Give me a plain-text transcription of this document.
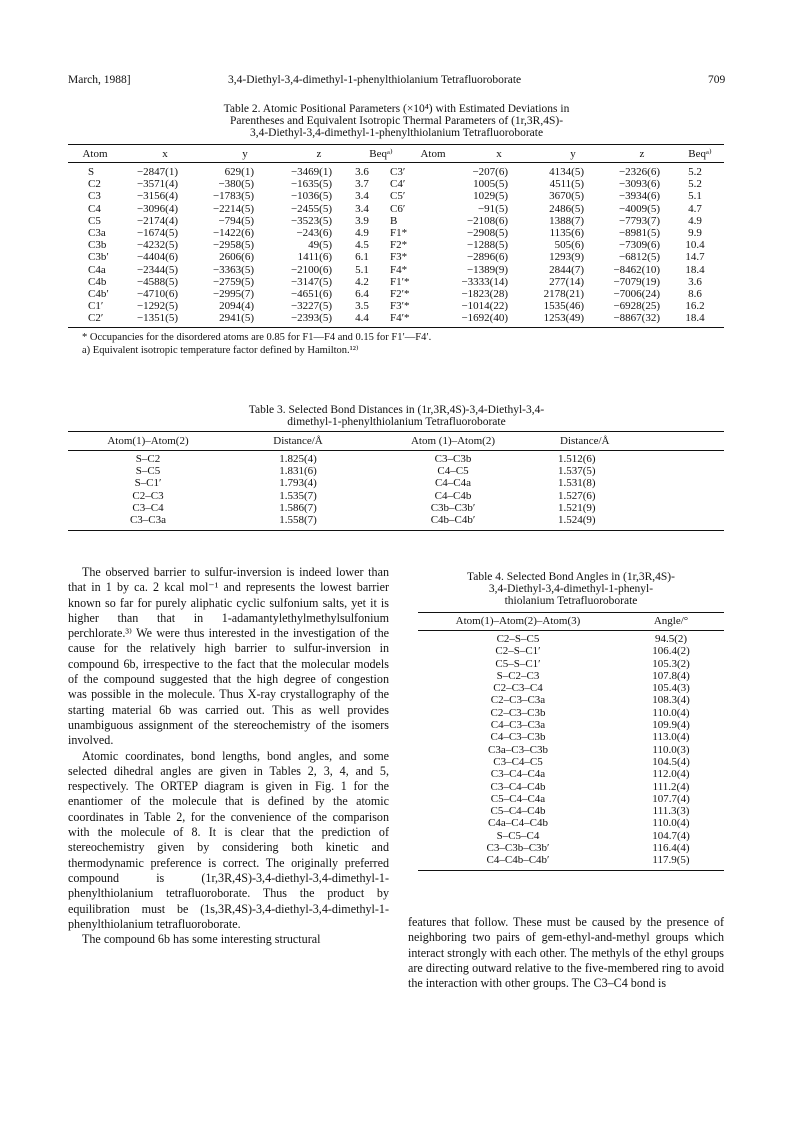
March, 1988]	3,4-Diethyl-3,4-dimethyl-1-phenylthiolanium Tetrafluoroborate	709
Table 2. Atomic Positional Parameters (×10⁴) with Estimated Deviations in
Parentheses and Equivalent Isotropic Thermal Parameters of (1r,3R,4S)-
3,4-Diethyl-3,4-dimethyl-1-phenylthiolanium Tetrafluoroborate
Atom	x	y	z	Beqᵃ⁾	Atom	x	y	z	Beqᵃ⁾
S	−2847(1)	629(1)	−3469(1)	3.6	C3′	−207(6)	4134(5)	−2326(6)	5.2
C2	−3571(4)	−380(5)	−1635(5)	3.7	C4′	1005(5)	4511(5)	−3093(6)	5.2
C3	−3156(4)	−1783(5)	−1036(5)	3.4	C5′	1029(5)	3670(5)	−3934(6)	5.1
C4	−3096(4)	−2214(5)	−2455(5)	3.4	C6′	−91(5)	2486(5)	−4009(5)	4.7
C5	−2174(4)	−794(5)	−3523(5)	3.9	B	−2108(6)	1388(7)	−7793(7)	4.9
C3a	−1674(5)	−1422(6)	−243(6)	4.9	F1*	−2908(5)	1135(6)	−8981(5)	9.9
C3b	−4232(5)	−2958(5)	49(5)	4.5	F2*	−1288(5)	505(6)	−7309(6)	10.4
C3b′	−4404(6)	2606(6)	1411(6)	6.1	F3*	−2896(6)	1293(9)	−6812(5)	14.7
C4a	−2344(5)	−3363(5)	−2100(6)	5.1	F4*	−1389(9)	2844(7)	−8462(10)	18.4
C4b	−4588(5)	−2759(5)	−3147(5)	4.2	F1′*	−3333(14)	277(14)	−7079(19)	3.6
C4b′	−4710(6)	−2995(7)	−4651(6)	6.4	F2′*	−1823(28)	2178(21)	−7006(24)	8.6
C1′	−1292(5)	2094(4)	−3227(5)	3.5	F3′*	−1014(22)	1535(46)	−6928(25)	16.2
C2′	−1351(5)	2941(5)	−2393(5)	4.4	F4′*	−1692(40)	1253(49)	−8867(32)	18.4
* Occupancies for the disordered atoms are 0.85 for F1—F4 and 0.15 for F1′—F4′.
a) Equivalent isotropic temperature factor defined by Hamilton.¹²⁾
Table 3. Selected Bond Distances in (1r,3R,4S)-3,4-Diethyl-3,4-
dimethyl-1-phenylthiolanium Tetrafluoroborate
Atom(1)–Atom(2)	Distance/Å	Atom (1)–Atom(2)	Distance/Å
S–C2	1.825(4)	C3–C3b	1.512(6)
S–C5	1.831(6)	C4–C5	1.537(5)
S–C1′	1.793(4)	C4–C4a	1.531(8)
C2–C3	1.535(7)	C4–C4b	1.527(6)
C3–C4	1.586(7)	C3b–C3b′	1.521(9)
C3–C3a	1.558(7)	C4b–C4b′	1.524(9)

The observed barrier to sulfur-inversion is indeed lower than that in 1 by ca. 2 kcal mol⁻¹ and represents the lowest barrier known so far for purely aliphatic cyclic sulfonium salts, yet it is higher than that in 1-adamantylethylmethylsulfonium perchlorate.³⁾ We were thus interested in the investigation of the cause for the relatively high barrier to sulfur-inversion in compound 6b, irrespective to the fact that the molecular models of the compound suggested that the high degree of congestion was possible in the molecule. Thus X-ray crystallography of the starting material 6b was carried out. This as well provides unambiguous assignment of the stereochemistry of the isomers involved.

Atomic coordinates, bond lengths, bond angles, and some selected dihedral angles are given in Tables 2, 3, 4, and 5, respectively. The ORTEP diagram is given in Fig. 1 for the enantiomer of the molecule that is defined by the atomic coordinates in Table 2, for the convenience of the comparison with the molecule of 8. It is clear that the prediction of stereochemistry given by considering both kinetic and thermodynamic preference is correct. The originally preferred compound is (1r,3R,4S)-3,4-diethyl-3,4-dimethyl-1-phenylthiolanium tetrafluoroborate. Thus the product by equilibration must be (1s,3R,4S)-3,4-diethyl-3,4-dimethyl-1-phenylthiolanium tetrafluoroborate.

The compound 6b has some interesting structural

Table 4. Selected Bond Angles in (1r,3R,4S)-
3,4-Diethyl-3,4-dimethyl-1-phenyl-
thiolanium Tetrafluoroborate
Atom(1)–Atom(2)–Atom(3)	Angle/°
C2–S–C5	94.5(2)
C2–S–C1′	106.4(2)
C5–S–C1′	105.3(2)
S–C2–C3	107.8(4)
C2–C3–C4	105.4(3)
C2–C3–C3a	108.3(4)
C2–C3–C3b	110.0(4)
C4–C3–C3a	109.9(4)
C4–C3–C3b	113.0(4)
C3a–C3–C3b	110.0(3)
C3–C4–C5	104.5(4)
C3–C4–C4a	112.0(4)
C3–C4–C4b	111.2(4)
C5–C4–C4a	107.7(4)
C5–C4–C4b	111.3(3)
C4a–C4–C4b	110.0(4)
S–C5–C4	104.7(4)
C3–C3b–C3b′	116.4(4)
C4–C4b–C4b′	117.9(5)

features that follow. These must be caused by the presence of neighboring two pairs of gem-ethyl-and-methyl groups which interact strongly with each other. The methyls of the ethyl groups are directing outward relative to the five-membered ring to avoid the interaction with other groups. The C3–C4 bond is
